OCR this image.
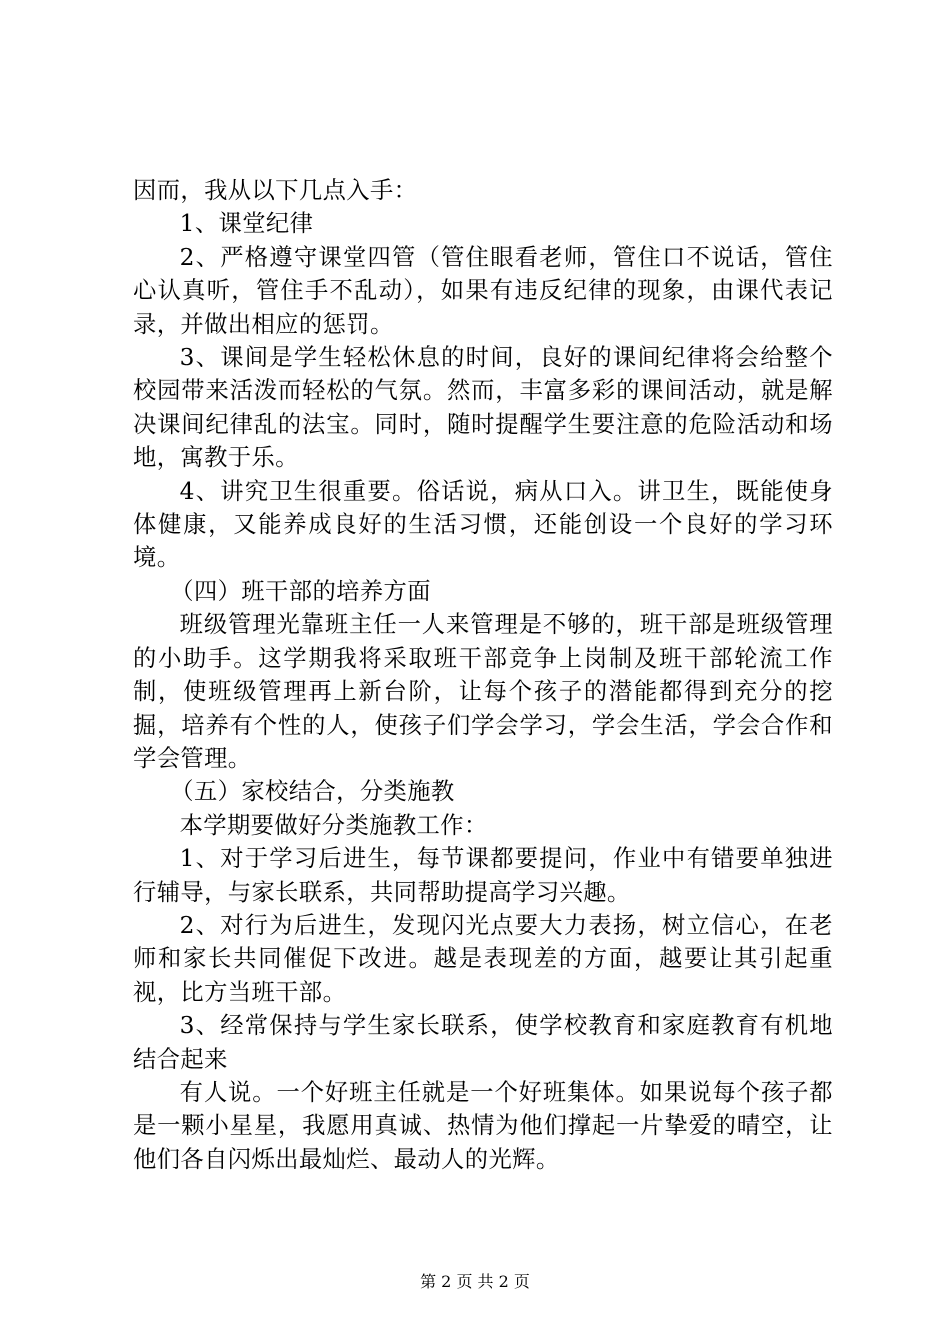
因而，我从以下几点入手：

1、课堂纪律

2、严格遵守课堂四管（管住眼看老师，管住口不说话，管住心认真听，管住手不乱动），如果有违反纪律的现象，由课代表记录，并做出相应的惩罚。

3、课间是学生轻松休息的时间，良好的课间纪律将会给整个校园带来活泼而轻松的气氛。然而，丰富多彩的课间活动，就是解决课间纪律乱的法宝。同时，随时提醒学生要注意的危险活动和场地，寓教于乐。

4、讲究卫生很重要。俗话说，病从口入。讲卫生，既能使身体健康，又能养成良好的生活习惯，还能创设一个良好的学习环境。

（四）班干部的培养方面

班级管理光靠班主任一人来管理是不够的，班干部是班级管理的小助手。这学期我将采取班干部竞争上岗制及班干部轮流工作制，使班级管理再上新台阶，让每个孩子的潜能都得到充分的挖掘，培养有个性的人，使孩子们学会学习，学会生活，学会合作和学会管理。

（五）家校结合，分类施教

本学期要做好分类施教工作：

1、对于学习后进生，每节课都要提问，作业中有错要单独进行辅导，与家长联系，共同帮助提高学习兴趣。

2、对行为后进生，发现闪光点要大力表扬，树立信心，在老师和家长共同催促下改进。越是表现差的方面，越要让其引起重视，比方当班干部。

3、经常保持与学生家长联系，使学校教育和家庭教育有机地结合起来

有人说。一个好班主任就是一个好班集体。如果说每个孩子都是一颗小星星，我愿用真诚、热情为他们撑起一片挚爱的晴空，让他们各自闪烁出最灿烂、最动人的光辉。

第 2 页 共 2 页
